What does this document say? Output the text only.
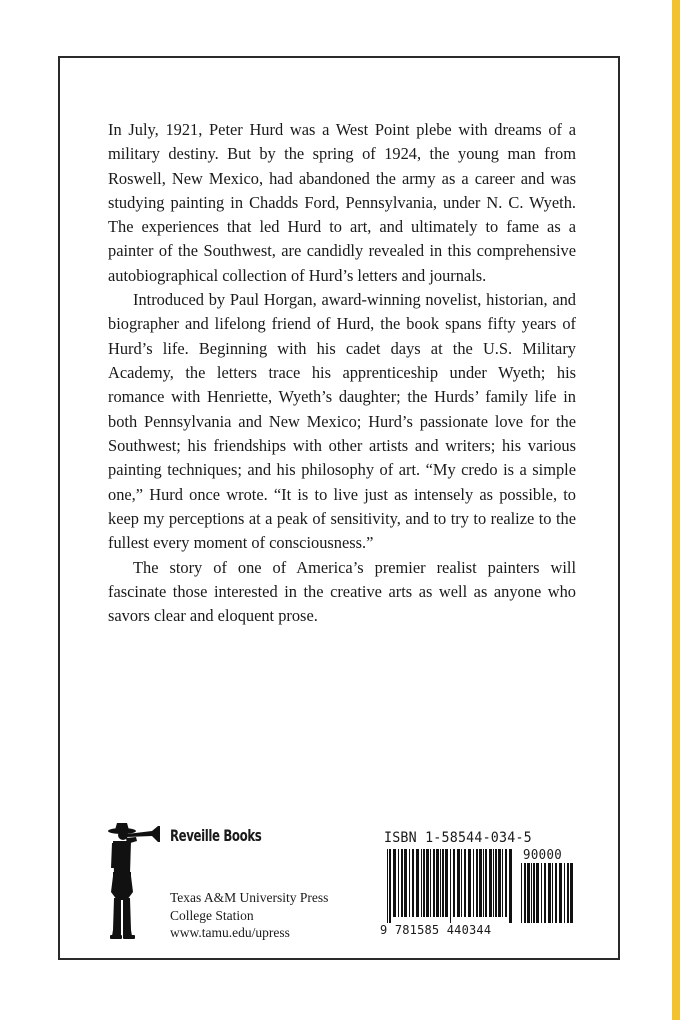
In July, 1921, Peter Hurd was a West Point plebe with dreams of a military destiny. But by the spring of 1924, the young man from Roswell, New Mexico, had abandoned the army as a career and was studying painting in Chadds Ford, Pennsylvania, under N. C. Wyeth. The experiences that led Hurd to art, and ultimately to fame as a painter of the Southwest, are candidly revealed in this comprehensive autobiographical collection of Hurd’s letters and journals.

Introduced by Paul Horgan, award-winning novelist, historian, and biographer and lifelong friend of Hurd, the book spans fifty years of Hurd’s life. Beginning with his cadet days at the U.S. Military Academy, the letters trace his apprenticeship under Wyeth; his romance with Henriette, Wyeth’s daughter; the Hurds’ family life in both Pennsylvania and New Mexico; Hurd’s passionate love for the Southwest; his friendships with other artists and writers; his various painting techniques; and his philosophy of art. “My credo is a simple one,” Hurd once wrote. “It is to live just as intensely as possible, to keep my perceptions at a peak of sensitivity, and to try to realize to the fullest every moment of consciousness.”

The story of one of America’s premier realist painters will fascinate those interested in the creative arts as well as anyone who savors clear and eloquent prose.

Reveille Books
Texas A&M University Press
College Station
www.tamu.edu/upress
ISBN 1-58544-034-5
90000
9 781585 440344
